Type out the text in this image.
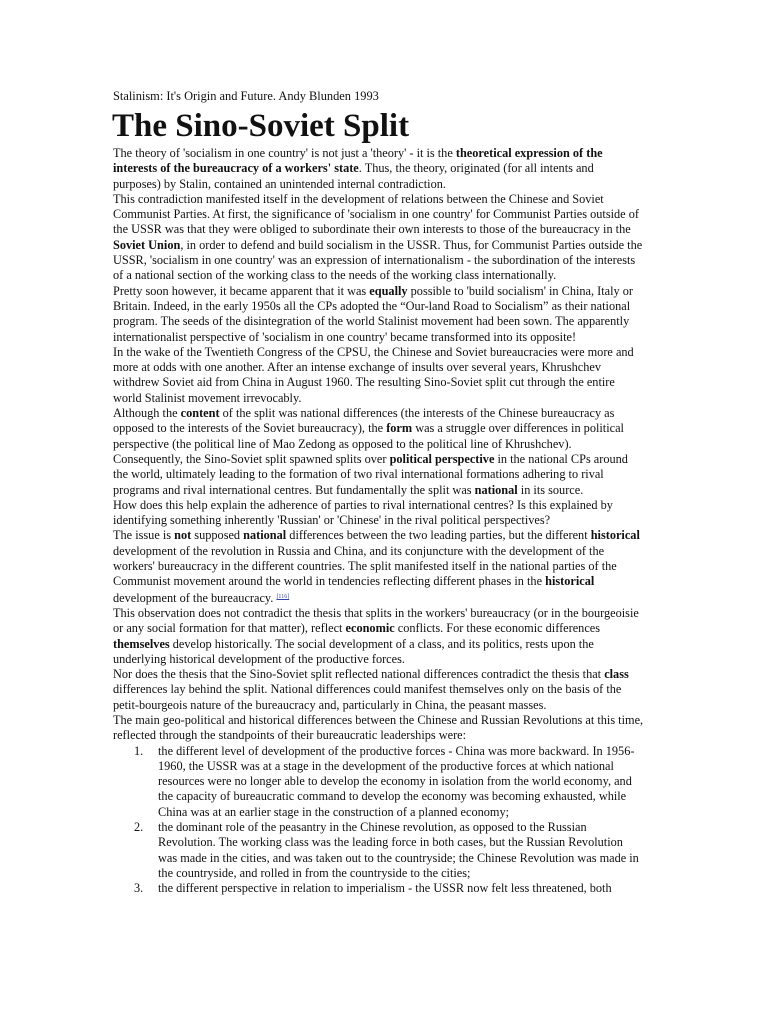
Stalinism: It's Origin and Future. Andy Blunden 1993
The Sino-Soviet Split

The theory of 'socialism in one country' is not just a 'theory' - it is the theoretical expression of the
interests of the bureaucracy of a workers' state. Thus, the theory, originated (for all intents and
purposes) by Stalin, contained an unintended internal contradiction.

This contradiction manifested itself in the development of relations between the Chinese and Soviet
Communist Parties. At first, the significance of 'socialism in one country' for Communist Parties outside of
the USSR was that they were obliged to subordinate their own interests to those of the bureaucracy in the
Soviet Union, in order to defend and build socialism in the USSR. Thus, for Communist Parties outside the
USSR, 'socialism in one country' was an expression of internationalism - the subordination of the interests
of a national section of the working class to the needs of the working class internationally.

Pretty soon however, it became apparent that it was equally possible to 'build socialism' in China, Italy or
Britain. Indeed, in the early 1950s all the CPs adopted the “Our-land Road to Socialism” as their national
program. The seeds of the disintegration of the world Stalinist movement had been sown. The apparently
internationalist perspective of 'socialism in one country' became transformed into its opposite!

In the wake of the Twentieth Congress of the CPSU, the Chinese and Soviet bureaucracies were more and
more at odds with one another. After an intense exchange of insults over several years, Khrushchev
withdrew Soviet aid from China in August 1960. The resulting Sino-Soviet split cut through the entire
world Stalinist movement irrevocably.

Although the content of the split was national differences (the interests of the Chinese bureaucracy as
opposed to the interests of the Soviet bureaucracy), the form was a struggle over differences in political
perspective (the political line of Mao Zedong as opposed to the political line of Khrushchev).

Consequently, the Sino-Soviet split spawned splits over political perspective in the national CPs around
the world, ultimately leading to the formation of two rival international formations adhering to rival
programs and rival international centres. But fundamentally the split was national in its source.

How does this help explain the adherence of parties to rival international centres? Is this explained by
identifying something inherently 'Russian' or 'Chinese' in the rival political perspectives?

The issue is not supposed national differences between the two leading parties, but the different historical
development of the revolution in Russia and China, and its conjuncture with the development of the
workers' bureaucracy in the different countries. The split manifested itself in the national parties of the
Communist movement around the world in tendencies reflecting different phases in the historical
development of the bureaucracy. [116]

This observation does not contradict the thesis that splits in the workers' bureaucracy (or in the bourgeoisie
or any social formation for that matter), reflect economic conflicts. For these economic differences
themselves develop historically. The social development of a class, and its politics, rests upon the
underlying historical development of the productive forces.

Nor does the thesis that the Sino-Soviet split reflected national differences contradict the thesis that class
differences lay behind the split. National differences could manifest themselves only on the basis of the
petit-bourgeois nature of the bureaucracy and, particularly in China, the peasant masses.

The main geo-political and historical differences between the Chinese and Russian Revolutions at this time,
reflected through the standpoints of their bureaucratic leaderships were:

1. the different level of development of the productive forces - China was more backward. In 1956-
1960, the USSR was at a stage in the development of the productive forces at which national
resources were no longer able to develop the economy in isolation from the world economy, and
the capacity of bureaucratic command to develop the economy was becoming exhausted, while
China was at an earlier stage in the construction of a planned economy;
2. the dominant role of the peasantry in the Chinese revolution, as opposed to the Russian
Revolution. The working class was the leading force in both cases, but the Russian Revolution
was made in the cities, and was taken out to the countryside; the Chinese Revolution was made in
the countryside, and rolled in from the countryside to the cities;
3. the different perspective in relation to imperialism - the USSR now felt less threatened, both
